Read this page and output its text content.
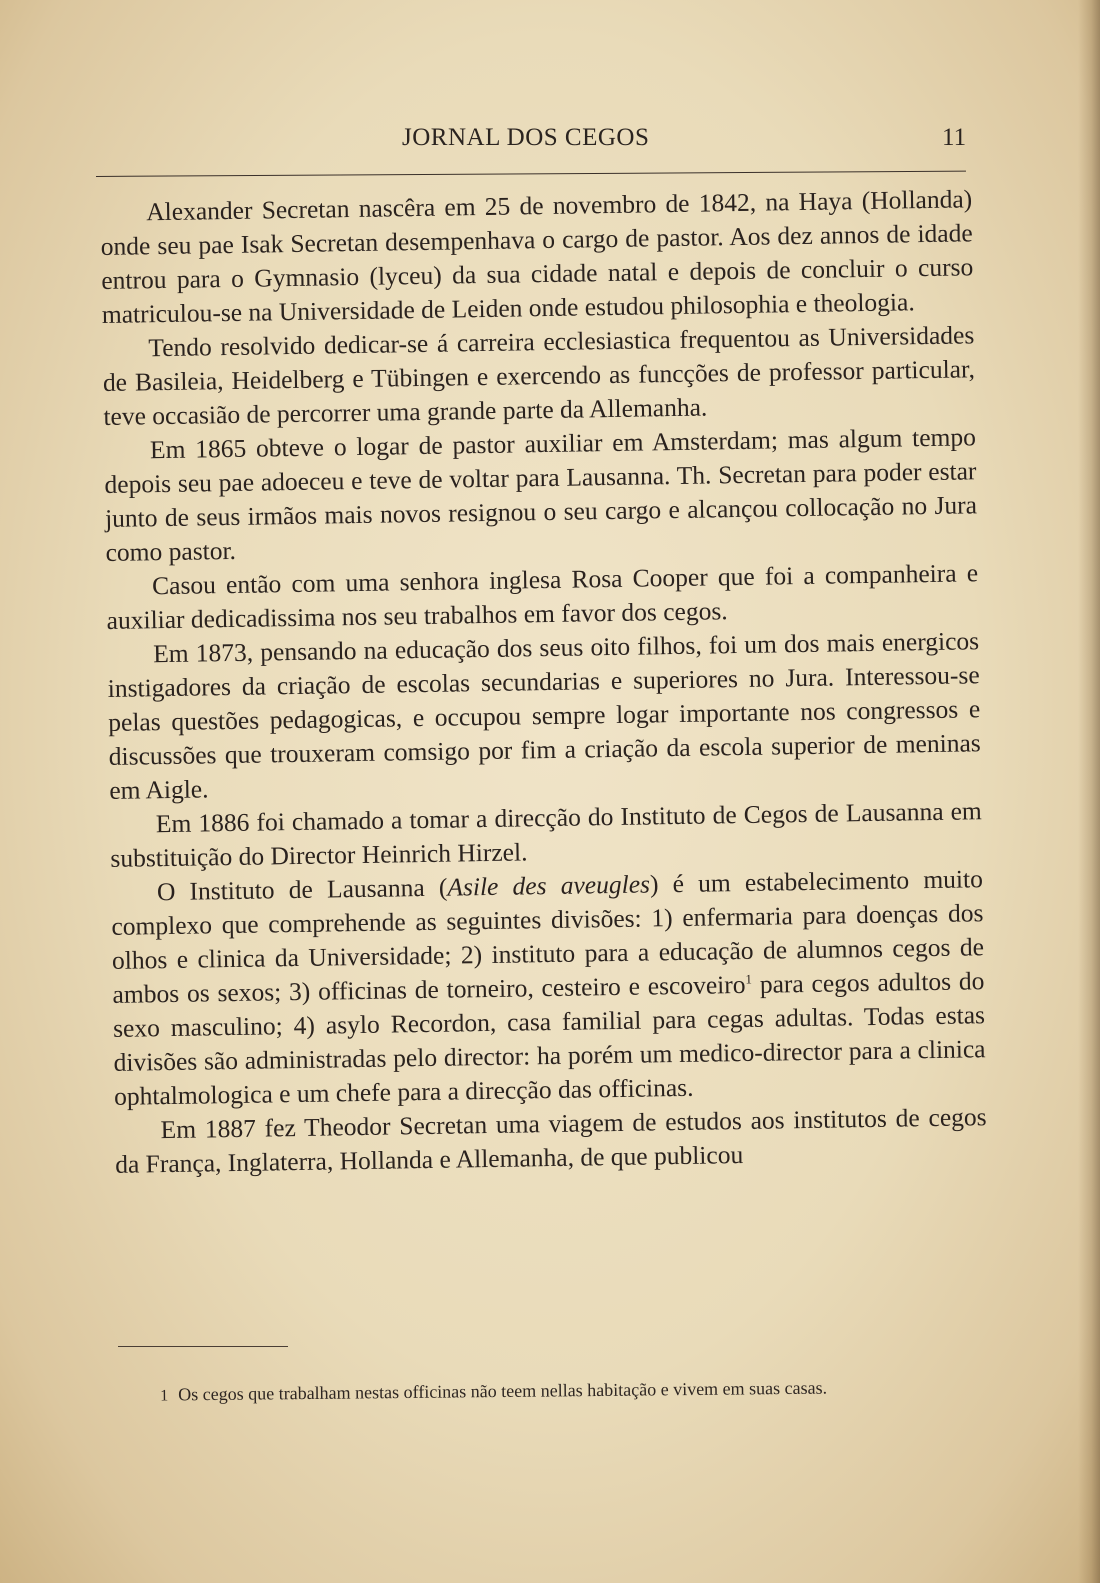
JORNAL DOS CEGOS	11

Alexander Secretan nascêra em 25 de novembro de 1842, na Haya (Hollanda) onde seu pae Isak Secretan desempenhava o cargo de pastor. Aos dez annos de idade entrou para o Gymnasio (lyceu) da sua cidade natal e depois de concluir o curso matriculou-se na Universidade de Leiden onde estudou philosophia e theologia.

Tendo resolvido dedicar-se á carreira ecclesiastica frequentou as Universidades de Basileia, Heidelberg e Tübingen e exercendo as funcções de professor particular, teve occasião de percorrer uma grande parte da Allemanha.

Em 1865 obteve o logar de pastor auxiliar em Amsterdam; mas algum tempo depois seu pae adoeceu e teve de voltar para Lausanna. Th. Secretan para poder estar junto de seus irmãos mais novos resignou o seu cargo e alcançou collocação no Jura como pastor.

Casou então com uma senhora inglesa Rosa Cooper que foi a companheira e auxiliar dedicadissima nos seu trabalhos em favor dos cegos.

Em 1873, pensando na educação dos seus oito filhos, foi um dos mais energicos instigadores da criação de escolas secundarias e superiores no Jura. Interessou-se pelas questões pedagogicas, e occupou sempre logar importante nos congressos e discussões que trouxeram comsigo por fim a criação da escola superior de meninas em Aigle.

Em 1886 foi chamado a tomar a direcção do Instituto de Cegos de Lausanna em substituição do Director Heinrich Hirzel.

O Instituto de Lausanna (Asile des aveugles) é um estabelecimento muito complexo que comprehende as seguintes divisões: 1) enfermaria para doenças dos olhos e clinica da Universidade; 2) instituto para a educação de alumnos cegos de ambos os sexos; 3) officinas de torneiro, cesteiro e escoveiro$^1$ para cegos adultos do sexo masculino; 4) asylo Recordon, casa familial para cegas adultas. Todas estas divisões são administradas pelo director: ha porém um medico-director para a clinica ophtalmologica e um chefe para a direcção das officinas.

Em 1887 fez Theodor Secretan uma viagem de estudos aos institutos de cegos da França, Inglaterra, Hollanda e Allemanha, de que publicou

1 Os cegos que trabalham nestas officinas não teem nellas habitação e vivem em suas casas.
